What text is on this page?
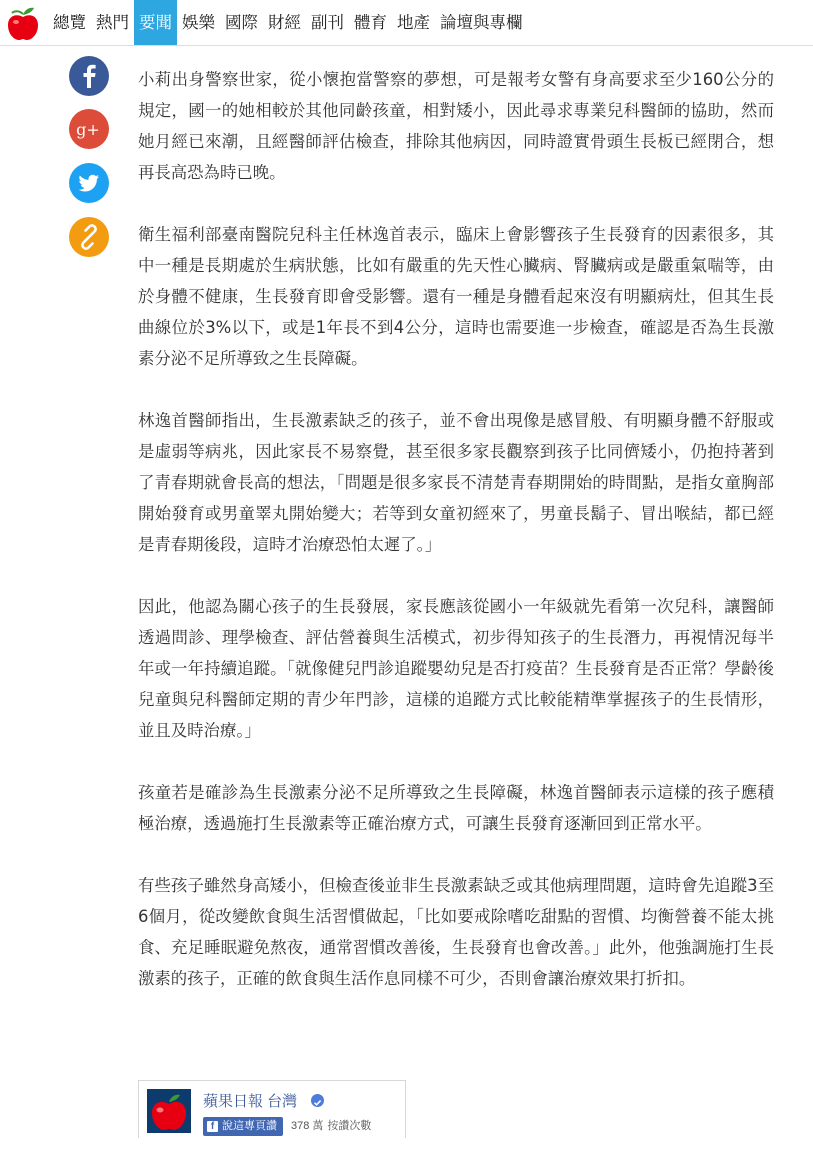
總覽 熱門 要聞 娛樂 國際 財經 副刊 體育 地產 論壇與專欄
g+

小莉出身警察世家，從小懷抱當警察的夢想，可是報考女警有身高要求至少160公分的規定，國一的她相較於其他同齡孩童，相對矮小，因此尋求專業兒科醫師的協助，然而她月經已來潮，且經醫師評估檢查，排除其他病因，同時證實骨頭生長板已經閉合，想再長高恐為時已晚。

衛生福利部臺南醫院兒科主任林逸首表示，臨床上會影響孩子生長發育的因素很多，其中一種是長期處於生病狀態，比如有嚴重的先天性心臟病、腎臟病或是嚴重氣喘等，由於身體不健康，生長發育即會受影響。還有一種是身體看起來沒有明顯病灶，但其生長曲線位於3%以下，或是1年長不到4公分，這時也需要進一步檢查，確認是否為生長激素分泌不足所導致之生長障礙。

林逸首醫師指出，生長激素缺乏的孩子，並不會出現像是感冒般、有明顯身體不舒服或是虛弱等病兆，因此家長不易察覺，甚至很多家長觀察到孩子比同儕矮小，仍抱持著到了青春期就會長高的想法，「問題是很多家長不清楚青春期開始的時間點，是指女童胸部開始發育或男童睪丸開始變大；若等到女童初經來了，男童長鬍子、冒出喉結，都已經是青春期後段，這時才治療恐怕太遲了。」

因此，他認為關心孩子的生長發展，家長應該從國小一年級就先看第一次兒科，讓醫師透過問診、理學檢查、評估營養與生活模式，初步得知孩子的生長潛力，再視情況每半年或一年持續追蹤。「就像健兒門診追蹤嬰幼兒是否打疫苗？生長發育是否正常？學齡後兒童與兒科醫師定期的青少年門診，這樣的追蹤方式比較能精準掌握孩子的生長情形，並且及時治療。」

孩童若是確診為生長激素分泌不足所導致之生長障礙，林逸首醫師表示這樣的孩子應積極治療，透過施打生長激素等正確治療方式，可讓生長發育逐漸回到正常水平。

有些孩子雖然身高矮小，但檢查後並非生長激素缺乏或其他病理問題，這時會先追蹤3至6個月，從改變飲食與生活習慣做起，「比如要戒除嗜吃甜點的習慣、均衡營養不能太挑食、充足睡眠避免熬夜，通常習慣改善後，生長發育也會改善。」此外，他強調施打生長激素的孩子，正確的飲食與生活作息同樣不可少，否則會讓治療效果打折扣。

蘋果日報 台灣
f 說這專頁讚 378 萬 按讚次數
